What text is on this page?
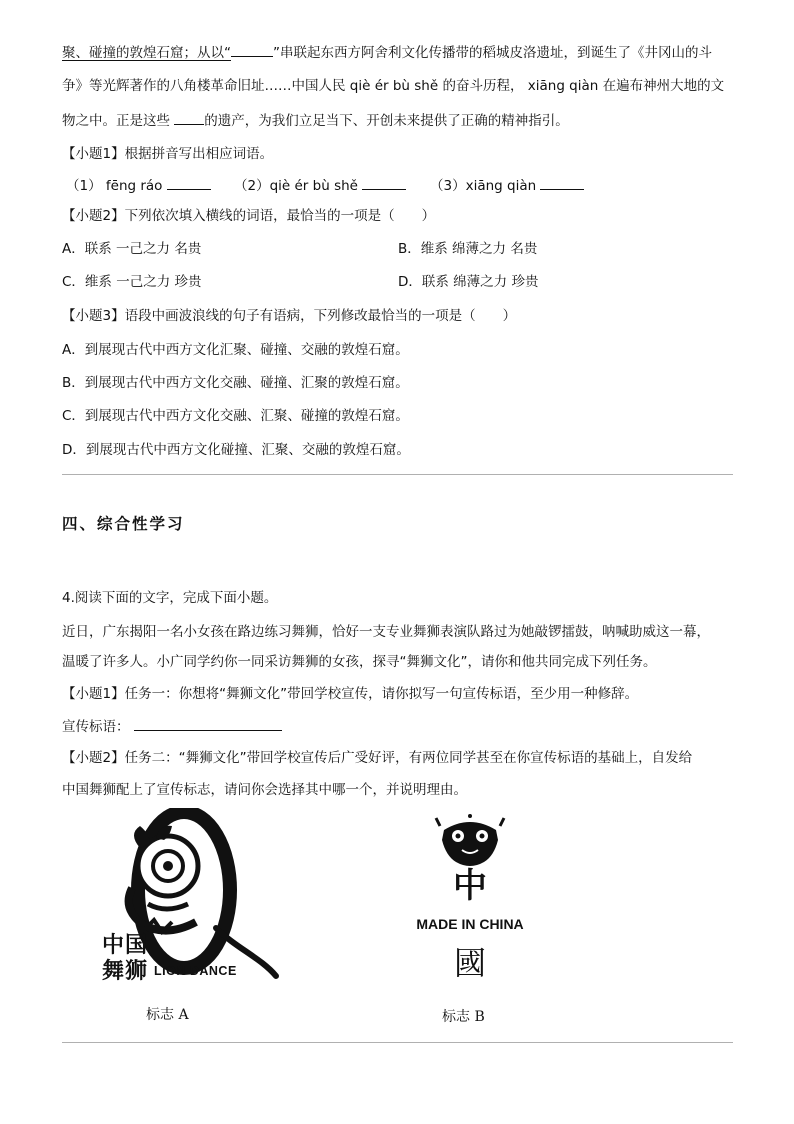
聚、碰撞的敦煌石窟；从以“	”串联起东西方阿舍利文化传播带的稻城皮洛遗址，到诞生了《井冈山的斗
争》等光辉著作的八角楼革命旧址……中国人民 qiè ér bù shě 的奋斗历程， xiāng qiàn 在遍布神州大地的文
物之中。正是这些 的遗产，为我们立足当下、开创未来提供了正确的精神指引。
【小题1】根据拼音写出相应词语。
（1） fēng ráo	（2）qiè ér bù shě	（3）xiāng qiàn
【小题2】下列依次填入横线的词语，最恰当的一项是（　　）
A．联系 一己之力 名贵	B．维系 绵薄之力 名贵
C．维系 一己之力 珍贵	D．联系 绵薄之力 珍贵
【小题3】语段中画波浪线的句子有语病，下列修改最恰当的一项是（　　）
A．到展现古代中西方文化汇聚、碰撞、交融的敦煌石窟。
B．到展现古代中西方文化交融、碰撞、汇聚的敦煌石窟。
C．到展现古代中西方文化交融、汇聚、碰撞的敦煌石窟。
D．到展现古代中西方文化碰撞、汇聚、交融的敦煌石窟。
四、综合性学习
4.阅读下面的文字，完成下面小题。
近日，广东揭阳一名小女孩在路边练习舞狮，恰好一支专业舞狮表演队路过为她敲锣擂鼓，呐喊助威这一幕，
温暖了许多人。小广同学约你一同采访舞狮的女孩，探寻“舞狮文化”，请你和他共同完成下列任务。
【小题1】任务一：你想将“舞狮文化”带回学校宣传，请你拟写一句宣传标语，至少用一种修辞。
宣传标语：
【小题2】任务二：“舞狮文化”带回学校宣传后广受好评，有两位同学甚至在你宣传标语的基础上，自发给
中国舞狮配上了宣传标志，请问你会选择其中哪一个，并说明理由。
中国
舞狮 LION DANCE
标志 A
中
MADE IN CHINA
國
标志 B
